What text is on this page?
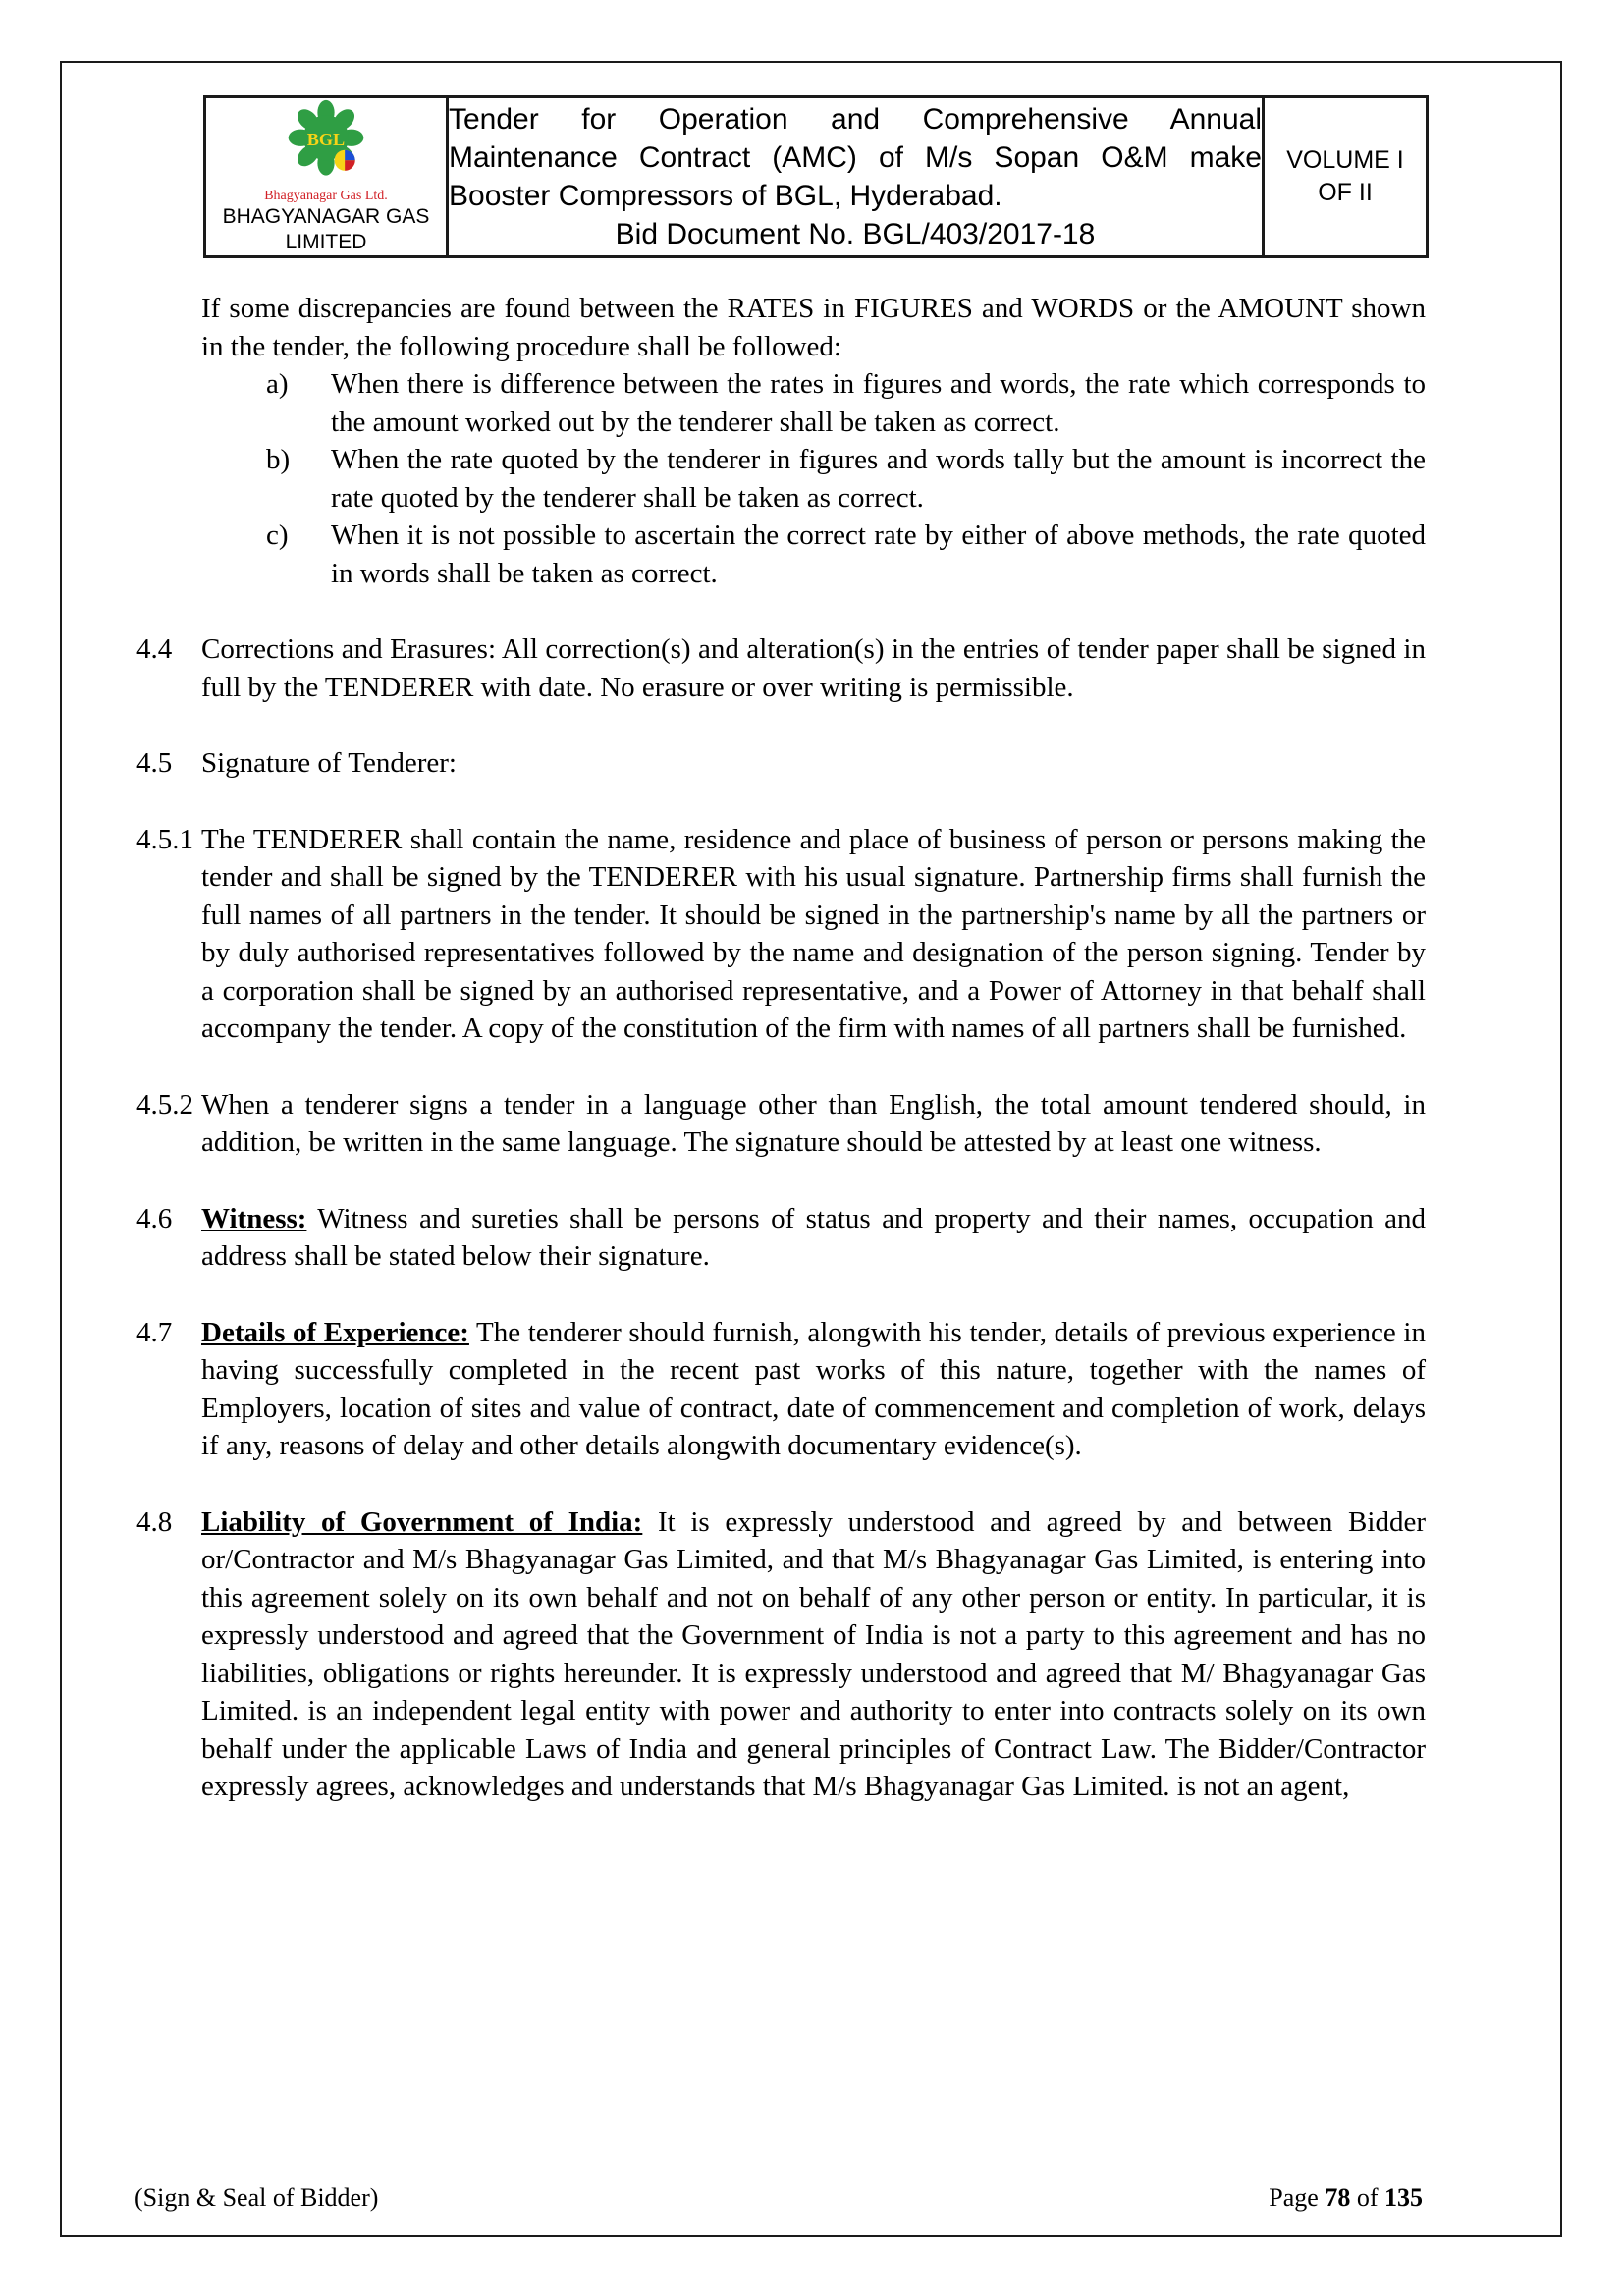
BGL
Bhagyanagar Gas Ltd.
BHAGYANAGAR GAS
LIMITED

Tender for Operation and Comprehensive Annual Maintenance Contract (AMC) of M/s Sopan O&M make Booster Compressors of BGL, Hyderabad.
Bid Document No. BGL/403/2017-18

VOLUME I
OF II

If some discrepancies are found between the RATES in FIGURES and WORDS or the AMOUNT shown in the tender, the following procedure shall be followed:

a) When there is difference between the rates in figures and words, the rate which corresponds to the amount worked out by the tenderer shall be taken as correct.

b) When the rate quoted by the tenderer in figures and words tally but the amount is incorrect the rate quoted by the tenderer shall be taken as correct.

c) When it is not possible to ascertain the correct rate by either of above methods, the rate quoted in words shall be taken as correct.

4.4 Corrections and Erasures: All correction(s) and alteration(s) in the entries of tender paper shall be signed in full by the TENDERER with date. No erasure or over writing is permissible.

4.5 Signature of Tenderer:

4.5.1 The TENDERER shall contain the name, residence and place of business of person or persons making the tender and shall be signed by the TENDERER with his usual signature. Partnership firms shall furnish the full names of all partners in the tender. It should be signed in the partnership's name by all the partners or by duly authorised representatives followed by the name and designation of the person signing. Tender by a corporation shall be signed by an authorised representative, and a Power of Attorney in that behalf shall accompany the tender. A copy of the constitution of the firm with names of all partners shall be furnished.

4.5.2 When a tenderer signs a tender in a language other than English, the total amount tendered should, in addition, be written in the same language. The signature should be attested by at least one witness.

4.6 Witness: Witness and sureties shall be persons of status and property and their names, occupation and address shall be stated below their signature.

4.7 Details of Experience: The tenderer should furnish, alongwith his tender, details of previous experience in having successfully completed in the recent past works of this nature, together with the names of Employers, location of sites and value of contract, date of commencement and completion of work, delays if any, reasons of delay and other details alongwith documentary evidence(s).

4.8 Liability of Government of India: It is expressly understood and agreed by and between Bidder or/Contractor and M/s Bhagyanagar Gas Limited, and that M/s Bhagyanagar Gas Limited, is entering into this agreement solely on its own behalf and not on behalf of any other person or entity. In particular, it is expressly understood and agreed that the Government of India is not a party to this agreement and has no liabilities, obligations or rights hereunder. It is expressly understood and agreed that M/ Bhagyanagar Gas Limited. is an independent legal entity with power and authority to enter into contracts solely on its own behalf under the applicable Laws of India and general principles of Contract Law. The Bidder/Contractor expressly agrees, acknowledges and understands that M/s Bhagyanagar Gas Limited. is not an agent,

(Sign & Seal of Bidder)	Page 78 of 135
